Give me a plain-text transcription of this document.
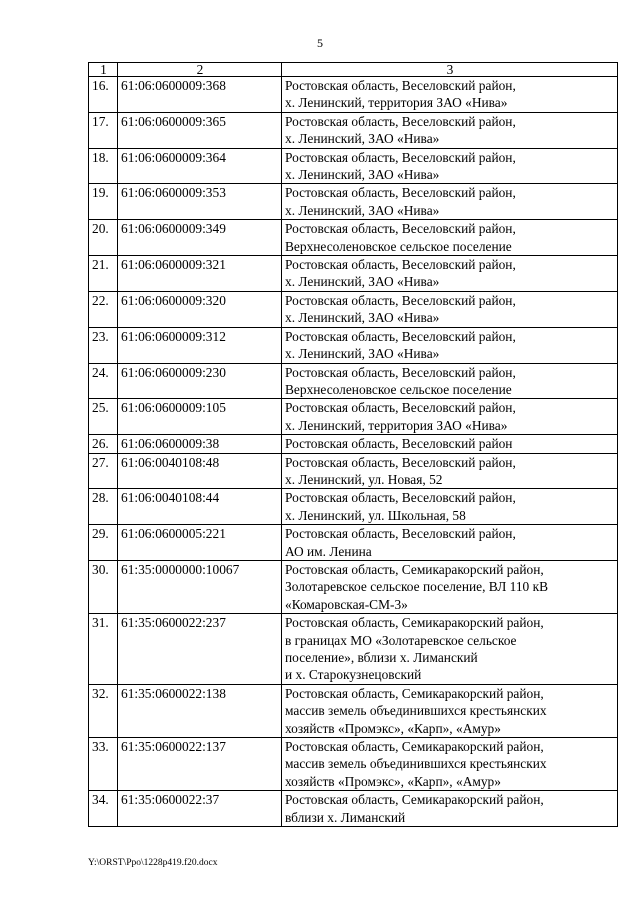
5
1	2	3
16.	61:06:0600009:368	Ростовская область, Веселовский район,
х. Ленинский, территория ЗАО «Нива»

17.	61:06:0600009:365	Ростовская область, Веселовский район,
х. Ленинский, ЗАО «Нива»

18.	61:06:0600009:364	Ростовская область, Веселовский район,
х. Ленинский, ЗАО «Нива»

19.	61:06:0600009:353	Ростовская область, Веселовский район,
х. Ленинский, ЗАО «Нива»

20.	61:06:0600009:349	Ростовская область, Веселовский район,
Верхнесоленовское сельское поселение

21.	61:06:0600009:321	Ростовская область, Веселовский район,
х. Ленинский, ЗАО «Нива»

22.	61:06:0600009:320	Ростовская область, Веселовский район,
х. Ленинский, ЗАО «Нива»

23.	61:06:0600009:312	Ростовская область, Веселовский район,
х. Ленинский, ЗАО «Нива»

24.	61:06:0600009:230	Ростовская область, Веселовский район,
Верхнесоленовское сельское поселение

25.	61:06:0600009:105	Ростовская область, Веселовский район,
х. Ленинский, территория ЗАО «Нива»

26.	61:06:0600009:38	Ростовская область, Веселовский район

27.	61:06:0040108:48	Ростовская область, Веселовский район,
х. Ленинский, ул. Новая, 52

28.	61:06:0040108:44	Ростовская область, Веселовский район,
х. Ленинский, ул. Школьная, 58

29.	61:06:0600005:221	Ростовская область, Веселовский район,
АО им. Ленина

30.	61:35:0000000:10067	Ростовская область, Семикаракорский район,
Золотаревское сельское поселение, ВЛ 110 кВ
«Комаровская-СМ-3»

31.	61:35:0600022:237	Ростовская область, Семикаракорский район,
в границах МО «Золотаревское сельское
поселение», вблизи х. Лиманский
и х. Старокузнецовский

32.	61:35:0600022:138	Ростовская область, Семикаракорский район,
массив земель объединившихся крестьянских
хозяйств «Промэкс», «Карп», «Амур»

33.	61:35:0600022:137	Ростовская область, Семикаракорский район,
массив земель объединившихся крестьянских
хозяйств «Промэкс», «Карп», «Амур»

34.	61:35:0600022:37	Ростовская область, Семикаракорский район,
вблизи х. Лиманский
Y:\ORST\Ppo\1228p419.f20.docx
